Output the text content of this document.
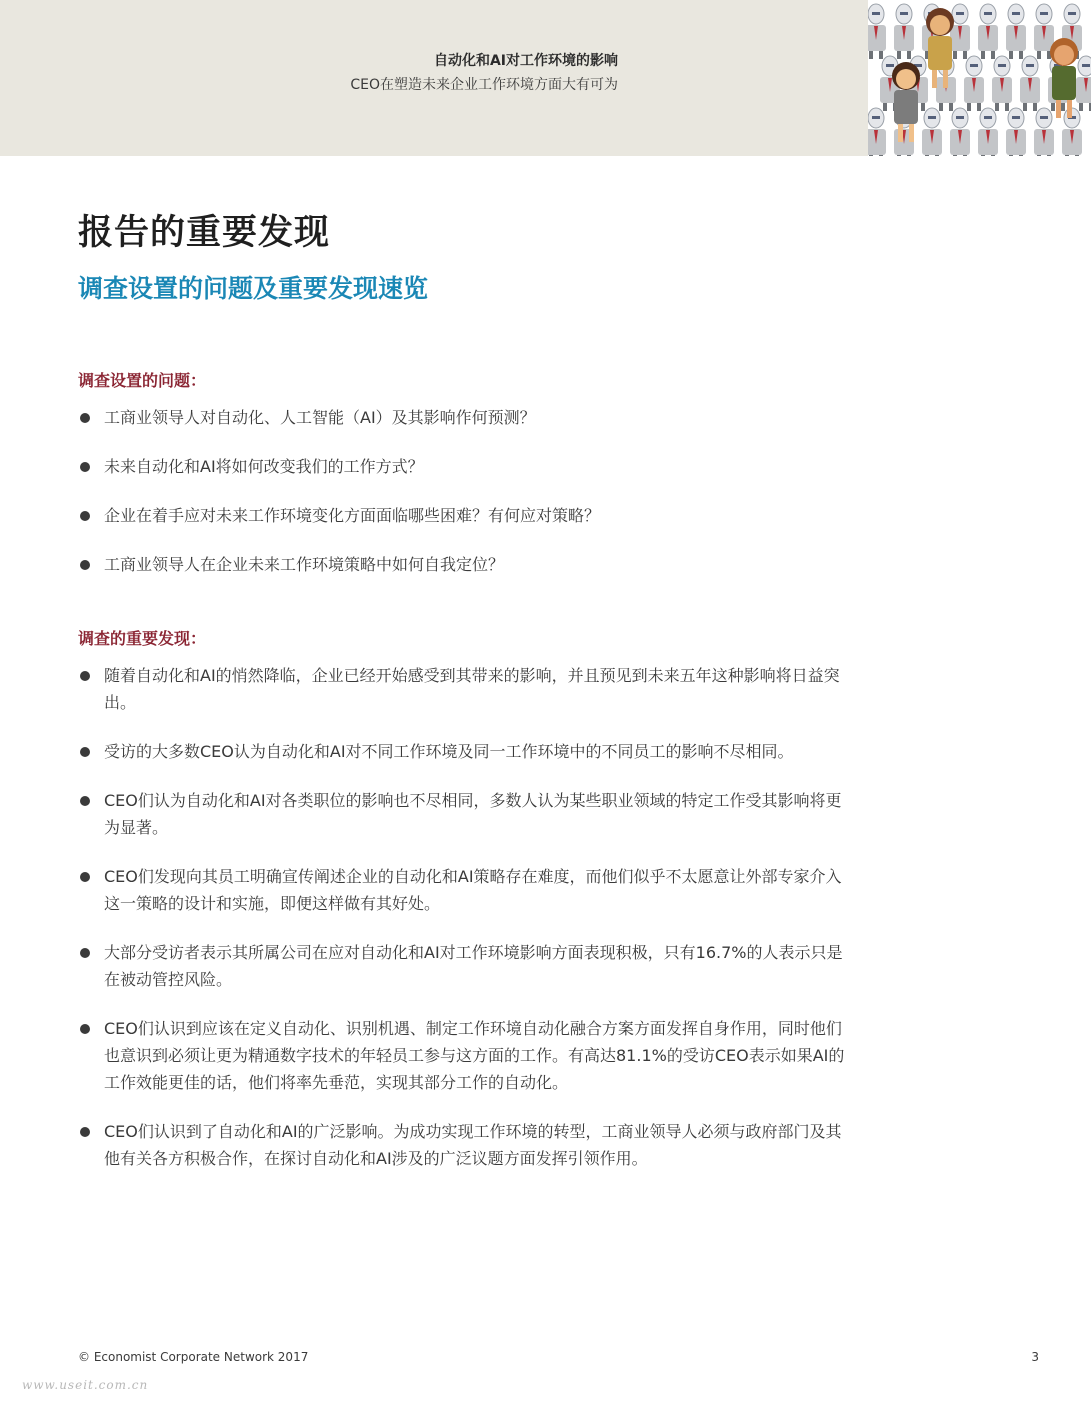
自动化和AI对工作环境的影响
CEO在塑造未来企业工作环境方面大有可为
报告的重要发现
调查设置的问题及重要发现速览
调查设置的问题：
工商业领导人对自动化、人工智能（AI）及其影响作何预测？
未来自动化和AI将如何改变我们的工作方式？
企业在着手应对未来工作环境变化方面面临哪些困难？有何应对策略？
工商业领导人在企业未来工作环境策略中如何自我定位？
调查的重要发现：
随着自动化和AI的悄然降临，企业已经开始感受到其带来的影响，并且预见到未来五年这种影响将日益突出。
受访的大多数CEO认为自动化和AI对不同工作环境及同一工作环境中的不同员工的影响不尽相同。
CEO们认为自动化和AI对各类职位的影响也不尽相同，多数人认为某些职业领域的特定工作受其影响将更为显著。
CEO们发现向其员工明确宣传阐述企业的自动化和AI策略存在难度，而他们似乎不太愿意让外部专家介入这一策略的设计和实施，即便这样做有其好处。
大部分受访者表示其所属公司在应对自动化和AI对工作环境影响方面表现积极，只有16.7%的人表示只是在被动管控风险。
CEO们认识到应该在定义自动化、识别机遇、制定工作环境自动化融合方案方面发挥自身作用，同时他们也意识到必须让更为精通数字技术的年轻员工参与这方面的工作。有高达81.1%的受访CEO表示如果AI的工作效能更佳的话，他们将率先垂范，实现其部分工作的自动化。
CEO们认识到了自动化和AI的广泛影响。为成功实现工作环境的转型，工商业领导人必须与政府部门及其他有关各方积极合作，在探讨自动化和AI涉及的广泛议题方面发挥引领作用。
© Economist Corporate Network 2017	3
www.useit.com.cn
